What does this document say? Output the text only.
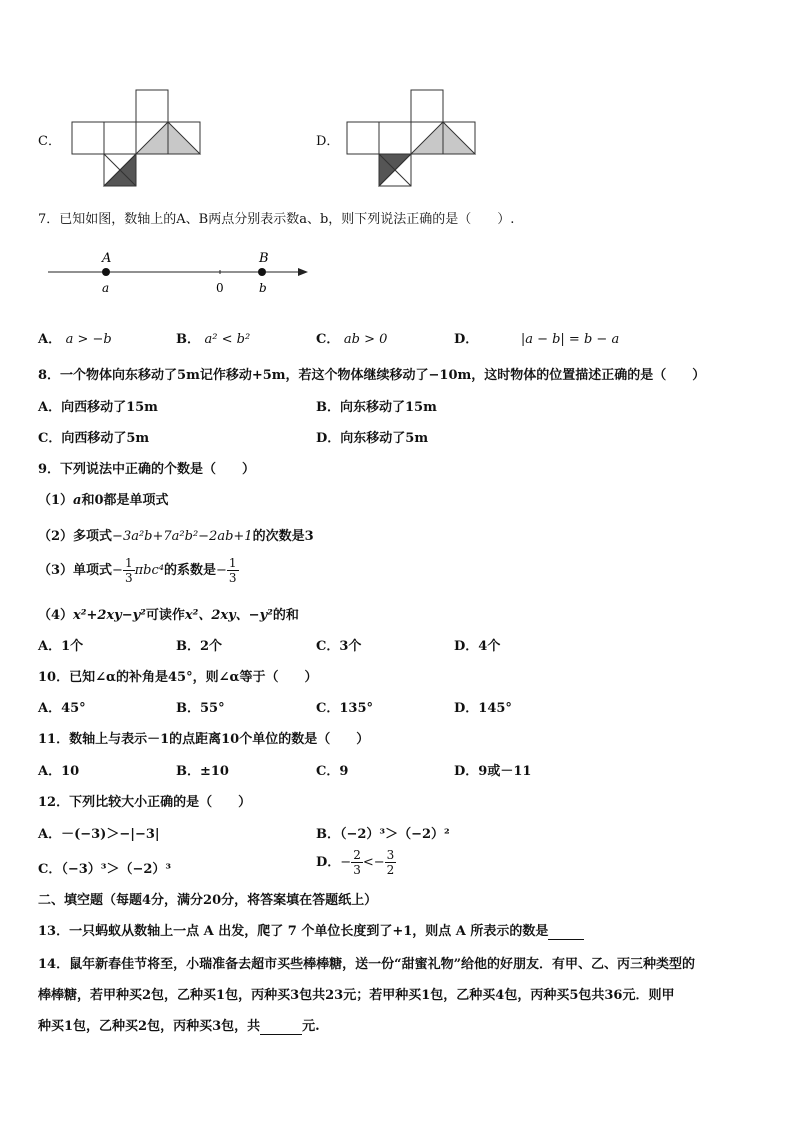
C．	D．
7．已知如图，数轴上的A、B两点分别表示数a、b，则下列说法正确的是（　　）.
A	B
a	0	b
A． a > −b	B． a² < b²	C． ab > 0	D．	|a − b| = b − a
8．一个物体向东移动了5m记作移动+5m，若这个物体继续移动了−10m，这时物体的位置描述正确的是（　　）
A．向西移动了15m	B．向东移动了15m
C．向西移动了5m	D．向东移动了5m
9．下列说法中正确的个数是（　　）
（1）a和0都是单项式
（2）多项式−3a²b+7a²b²−2ab+1的次数是3
（3）单项式− $\frac{1}{3} \pi bc^4$的系数是− $\frac{1}{3}$
（4）x²+2xy−y²可读作x²、2xy、−y²的和
A．1个	B．2个	C．3个	D．4个
10．已知∠α的补角是45°，则∠α等于（　　）
A．45°	B．55°	C．135°	D．145°
11．数轴上与表示－1的点距离10个单位的数是（　　）
A．10	B．±10	C．9	D．9或－11
12．下列比较大小正确的是（　　）
A．－(−3)＞−|−3|	B．（−2）³＞（−2）²
C．（−3）³＞（−2）³	D．− $\frac{2}{3} <- \frac{3}{2}$
二、填空题（每题4分，满分20分，将答案填在答题纸上）
13．一只蚂蚁从数轴上一点 A 出发，爬了 7 个单位长度到了+1，则点 A 所表示的数是
14．鼠年新春佳节将至，小瑞准备去超市买些棒棒糖，送一份“甜蜜礼物”给他的好朋友．有甲、乙、丙三种类型的
棒棒糖，若甲种买2包，乙种买1包，丙种买3包共23元；若甲种买1包，乙种买4包，丙种买5包共36元．则甲
种买1包，乙种买2包，丙种买3包，共	元.
